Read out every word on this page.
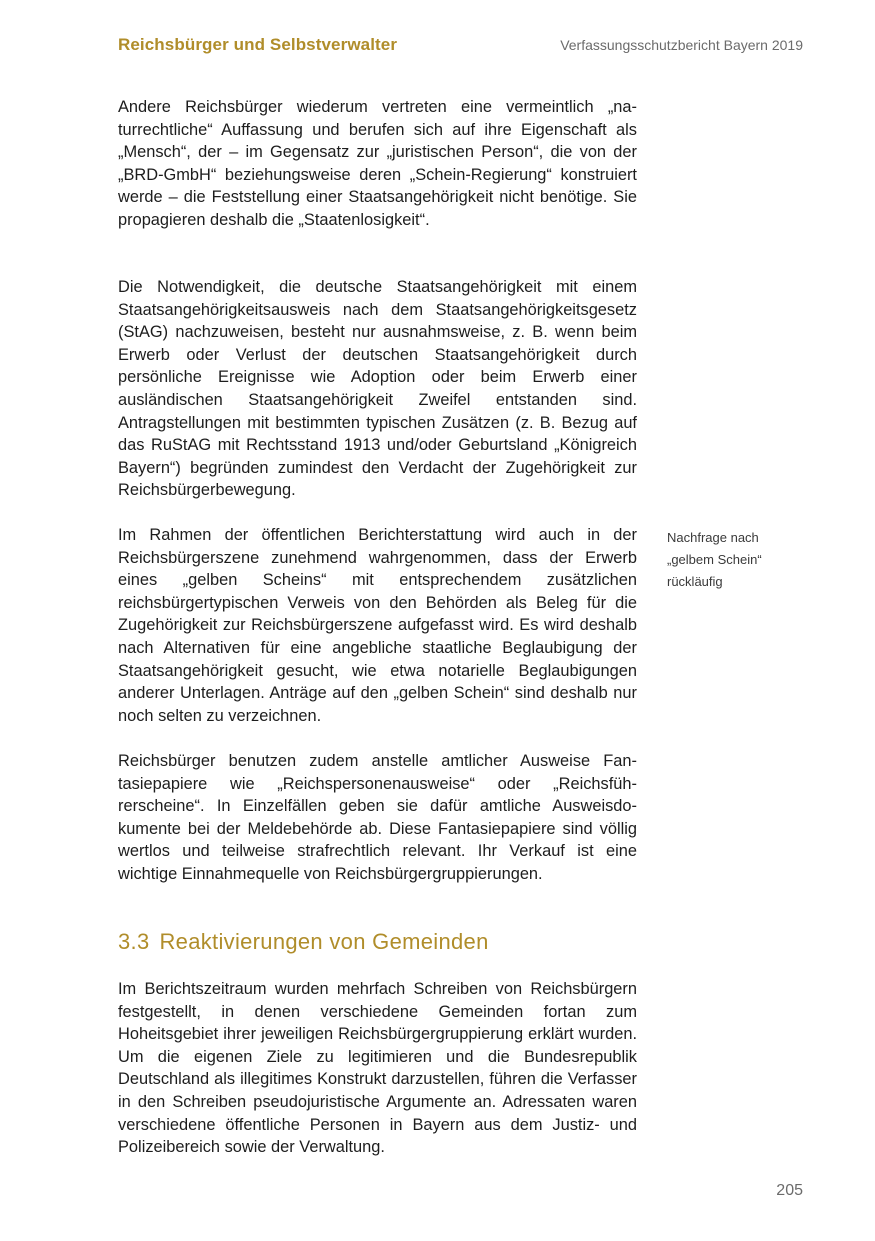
Reichsbürger und Selbstverwalter	Verfassungsschutzbericht Bayern 2019

Andere Reichsbürger wiederum vertreten eine vermeintlich „naturrechtliche“ Auffassung und berufen sich auf ihre Eigenschaft als „Mensch“, der – im Gegensatz zur „juristischen Person“, die von der „BRD-GmbH“ beziehungsweise deren „Schein-Regierung“ konstruiert werde – die Feststellung einer Staatsangehörigkeit nicht benötige. Sie propagieren deshalb die „Staatenlosigkeit“.

Die Notwendigkeit, die deutsche Staatsangehörigkeit mit einem Staatsangehörigkeitsausweis nach dem Staatsangehörigkeitsgesetz (StAG) nachzuweisen, besteht nur ausnahmsweise, z. B. wenn beim Erwerb oder Verlust der deutschen Staatsangehörigkeit durch persönliche Ereignisse wie Adoption oder beim Erwerb einer ausländischen Staatsangehörigkeit Zweifel entstanden sind. Antragstellungen mit bestimmten typischen Zusätzen (z. B. Bezug auf das RuStAG mit Rechtsstand 1913 und/oder Geburtsland „Königreich Bayern“) begründen zumindest den Verdacht der Zugehörigkeit zur Reichsbürgerbewegung.

Im Rahmen der öffentlichen Berichterstattung wird auch in der Reichsbürgerszene zunehmend wahrgenommen, dass der Erwerb eines „gelben Scheins“ mit entsprechendem zusätzlichen reichsbürgertypischen Verweis von den Behörden als Beleg für die Zugehörigkeit zur Reichsbürgerszene aufgefasst wird. Es wird deshalb nach Alternativen für eine angebliche staatliche Beglaubigung der Staatsangehörigkeit gesucht, wie etwa notarielle Beglaubigungen anderer Unterlagen. Anträge auf den „gelben Schein“ sind deshalb nur noch selten zu verzeichnen.

Nachfrage nach
„gelbem Schein“
rückläufig

Reichsbürger benutzen zudem anstelle amtlicher Ausweise Fantasiepapiere wie „Reichspersonenausweise“ oder „Reichsführerscheine“. In Einzelfällen geben sie dafür amtliche Ausweisdokumente bei der Meldebehörde ab. Diese Fantasiepapiere sind völlig wertlos und teilweise strafrechtlich relevant. Ihr Verkauf ist eine wichtige Einnahmequelle von Reichsbürgergruppierungen.

3.3 Reaktivierungen von Gemeinden

Im Berichtszeitraum wurden mehrfach Schreiben von Reichsbürgern festgestellt, in denen verschiedene Gemeinden fortan zum Hoheitsgebiet ihrer jeweiligen Reichsbürgergruppierung erklärt wurden. Um die eigenen Ziele zu legitimieren und die Bundesrepublik Deutschland als illegitimes Konstrukt darzustellen, führen die Verfasser in den Schreiben pseudojuristische Argumente an. Adressaten waren verschiedene öffentliche Personen in Bayern aus dem Justiz- und Polizeibereich sowie der Verwaltung.

205
